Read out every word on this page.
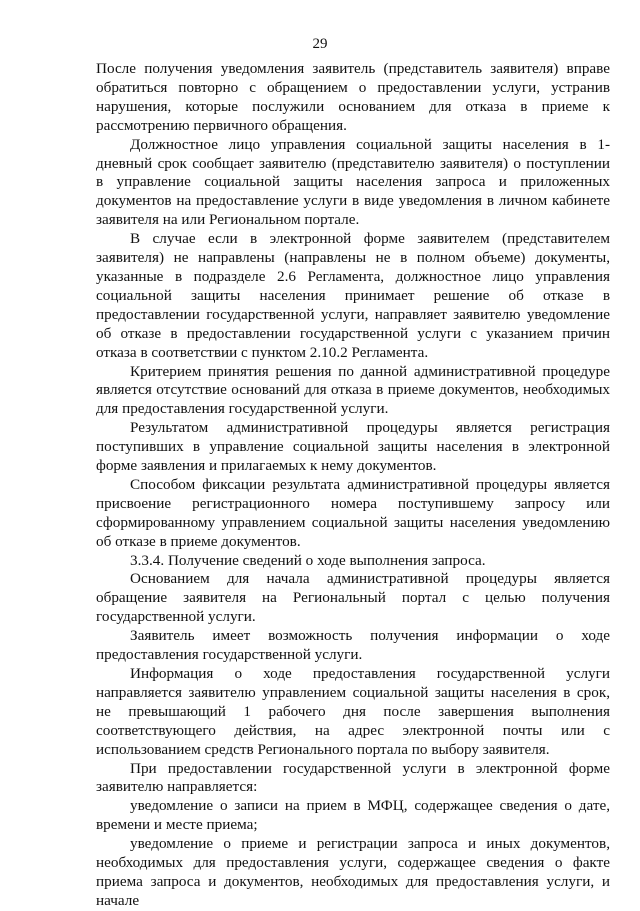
29

После получения уведомления заявитель (представитель заявителя) вправе обратиться повторно с обращением о предоставлении услуги, устранив нарушения, которые послужили основанием для отказа в приеме к рассмотрению первичного обращения.

Должностное лицо управления социальной защиты населения в 1-дневный срок сообщает заявителю (представителю заявителя) о поступлении в управление социальной защиты населения запроса и приложенных документов на предоставление услуги в виде уведомления в личном кабинете заявителя на или Региональном портале.

В случае если в электронной форме заявителем (представителем заявителя) не направлены (направлены не в полном объеме) документы, указанные в подразделе 2.6 Регламента, должностное лицо управления социальной защиты населения принимает решение об отказе в предоставлении государственной услуги, направляет заявителю уведомление об отказе в предоставлении государственной услуги с указанием причин отказа в соответствии с пунктом 2.10.2 Регламента.

Критерием принятия решения по данной административной процедуре является отсутствие оснований для отказа в приеме документов, необходимых для предоставления государственной услуги.

Результатом административной процедуры является регистрация поступивших в управление социальной защиты населения в электронной форме заявления и прилагаемых к нему документов.

Способом фиксации результата административной процедуры является присвоение регистрационного номера поступившему запросу или сформированному управлением социальной защиты населения уведомлению об отказе в приеме документов.

3.3.4. Получение сведений о ходе выполнения запроса.

Основанием для начала административной процедуры является обращение заявителя на Региональный портал с целью получения государственной услуги.

Заявитель имеет возможность получения информации о ходе предоставления государственной услуги.

Информация о ходе предоставления государственной услуги направляется заявителю управлением социальной защиты населения в срок, не превышающий 1 рабочего дня после завершения выполнения соответствующего действия, на адрес электронной почты или с использованием средств Регионального портала по выбору заявителя.

При предоставлении государственной услуги в электронной форме заявителю направляется:

уведомление о записи на прием в МФЦ, содержащее сведения о дате, времени и месте приема;

уведомление о приеме и регистрации запроса и иных документов, необходимых для предоставления услуги, содержащее сведения о факте приема запроса и документов, необходимых для предоставления услуги, и начале
